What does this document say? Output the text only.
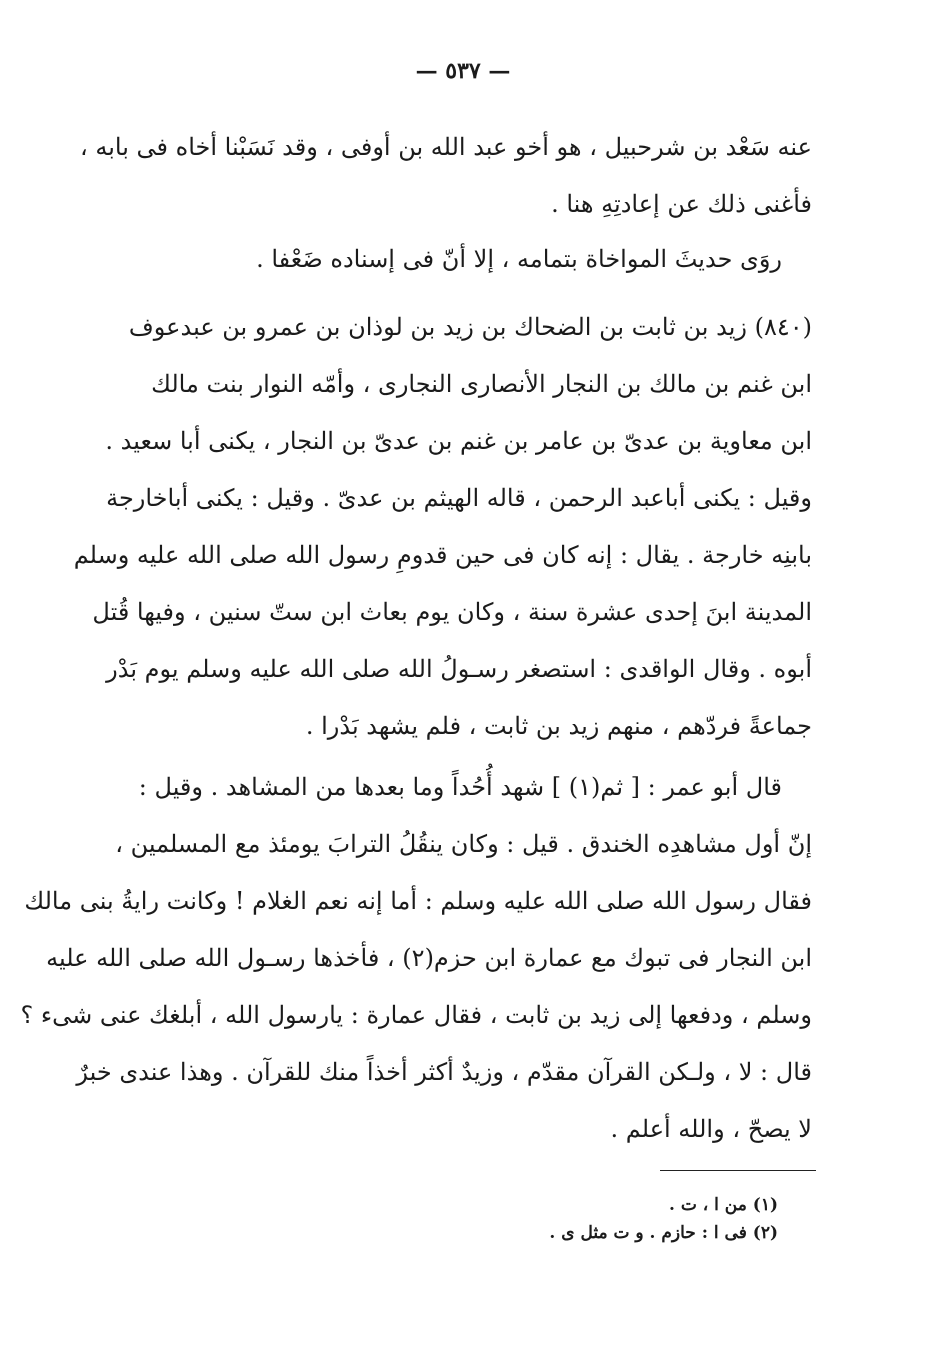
— ٥٣٧ —
عنه سَعْد بن شرحبيل ، هو أخو عبد الله بن أوفى ، وقد نَسَبْنا أخاه فى بابه ،
فأغنى ذلك عن إعادتِهِ هنا .
روَى حديثَ المواخاة بتمامه ، إلا أنّ فى إسناده ضَعْفا .
(٨٤٠) زيد بن ثابت بن الضحاك بن زيد بن لوذان بن عمرو بن عبدعوف
ابن غنم بن مالك بن النجار الأنصارى النجارى ، وأمّه النوار بنت مالك
ابن معاوية بن عدىّ بن عامر بن غنم بن عدىّ بن النجار ، يكنى أبا سعيد .
وقيل : يكنى أباعبد الرحمن ، قاله الهيثم بن عدىّ . وقيل : يكنى أباخارجة
بابنِه خارجة . يقال : إنه كان فى حين قدومِ رسول الله صلى الله عليه وسلم
المدينة ابنَ إحدى عشرة سنة ، وكان يوم بعاث ابن ستّ سنين ، وفيها قُتل
أبوه . وقال الواقدى : استصغر رسـولُ الله صلى الله عليه وسلم يوم بَدْر
جماعةً فردّهم ، منهم زيد بن ثابت ، فلم يشهد بَدْرا .
قال أبو عمر : [ ثم(١) ] شهد أُحُداً وما بعدها من المشاهد . وقيل :
إنّ أول مشاهدِه الخندق . قيل : وكان ينقُلُ الترابَ يومئذ مع المسلمين ،
فقال رسول الله صلى الله عليه وسلم : أما إنه نعم الغلام ! وكانت رايةُ بنى مالك
ابن النجار فى تبوك مع عمارة ابن حزم(٢) ، فأخذها رسـول الله صلى الله عليه
وسلم ، ودفعها إلى زيد بن ثابت ، فقال عمارة : يارسول الله ، أبلغك عنى شىء ؟
قال : لا ، ولـكن القرآن مقدّم ، وزيدٌ أكثر أخذاً منك للقرآن . وهذا عندى خبرٌ
لا يصحّ ، والله أعلم .
(١) من ا ، ت .
(٢) فى ا : حازم . و ت مثل ى .
